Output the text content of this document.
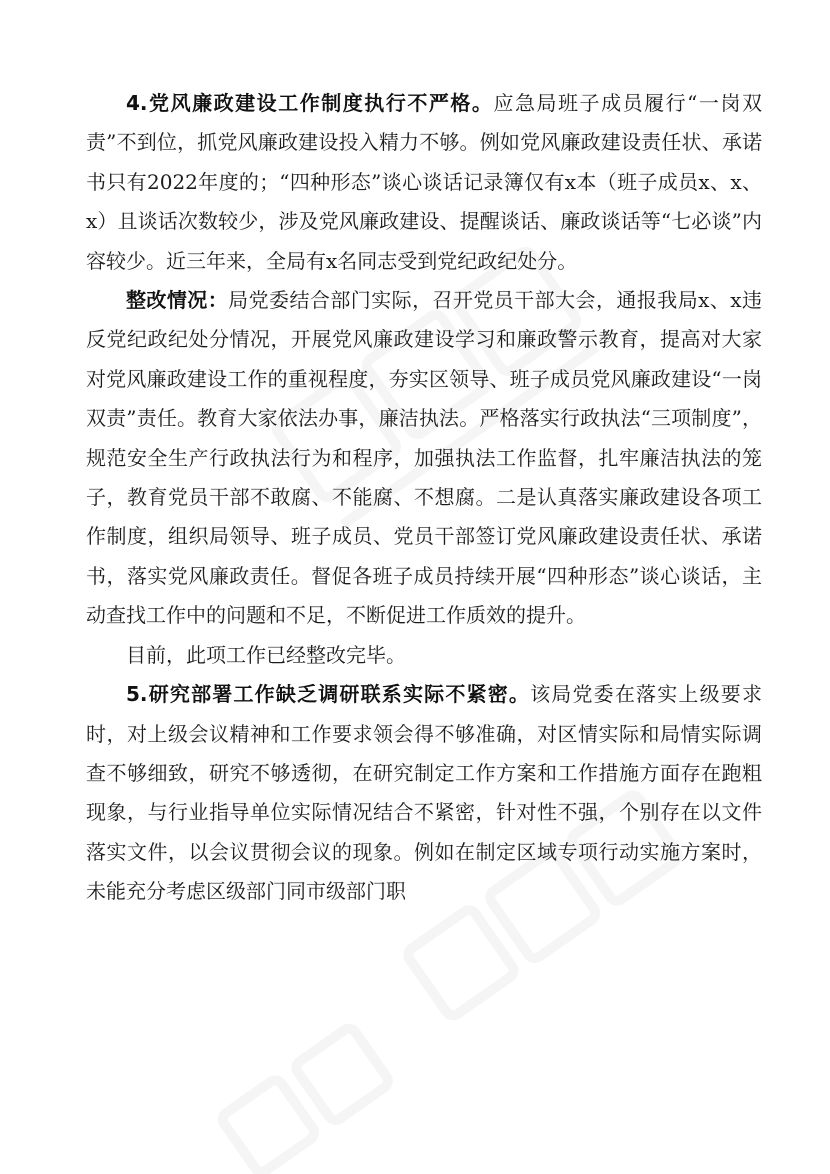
4.党风廉政建设工作制度执行不严格。应急局班子成员履行“一岗双责”不到位，抓党风廉政建设投入精力不够。例如党风廉政建设责任状、承诺书只有2022年度的；“四种形态”谈心谈话记录簿仅有x本（班子成员x、x、x）且谈话次数较少，涉及党风廉政建设、提醒谈话、廉政谈话等“七必谈”内容较少。近三年来，全局有x名同志受到党纪政纪处分。

整改情况：局党委结合部门实际，召开党员干部大会，通报我局x、x违反党纪政纪处分情况，开展党风廉政建设学习和廉政警示教育，提高对大家对党风廉政建设工作的重视程度，夯实区领导、班子成员党风廉政建设“一岗双责”责任。教育大家依法办事，廉洁执法。严格落实行政执法“三项制度”，规范安全生产行政执法行为和程序，加强执法工作监督，扎牢廉洁执法的笼子，教育党员干部不敢腐、不能腐、不想腐。二是认真落实廉政建设各项工作制度，组织局领导、班子成员、党员干部签订党风廉政建设责任状、承诺书，落实党风廉政责任。督促各班子成员持续开展“四种形态”谈心谈话，主动查找工作中的问题和不足，不断促进工作质效的提升。

目前，此项工作已经整改完毕。

5.研究部署工作缺乏调研联系实际不紧密。该局党委在落实上级要求时，对上级会议精神和工作要求领会得不够准确，对区情实际和局情实际调查不够细致，研究不够透彻，在研究制定工作方案和工作措施方面存在跑粗现象，与行业指导单位实际情况结合不紧密，针对性不强，个别存在以文件落实文件，以会议贯彻会议的现象。例如在制定区域专项行动实施方案时，未能充分考虑区级部门同市级部门职
